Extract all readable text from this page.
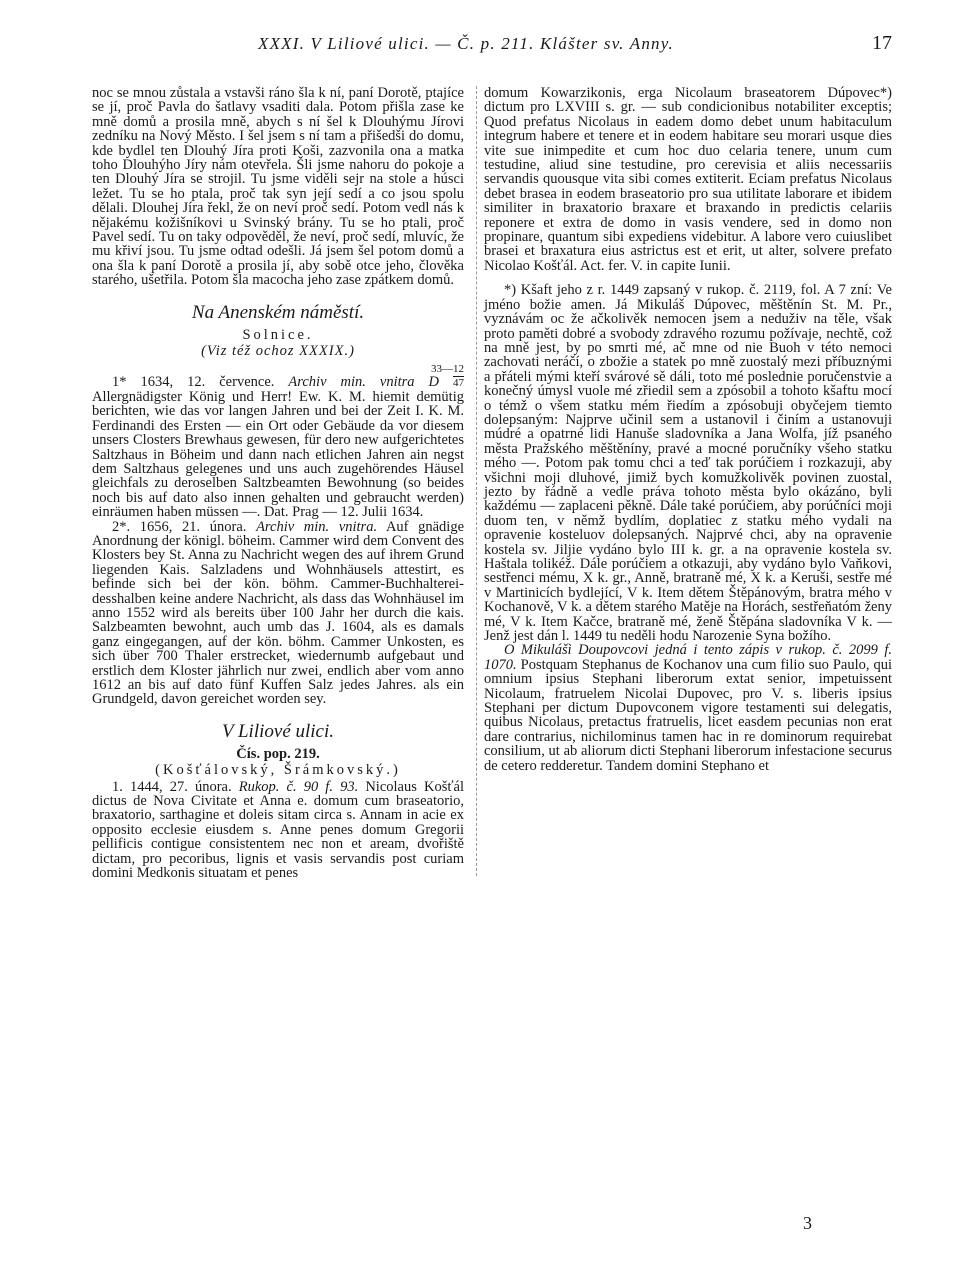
XXXI. V Liliové ulici. — Č. p. 211. Klášter sv. Anny.	17

noc se mnou zůstala a vstavši ráno šla k ní, paní Dorotě, ptajíce se jí, proč Pavla do šatlavy vsaditi dala. Potom přišla zase ke mně domů a prosila mně, abych s ní šel k Dlouhýmu Jírovi zedníku na Nový Město. I šel jsem s ní tam a přišedši do domu, kde bydlel ten Dlouhý Jíra proti Koši, zazvonila ona a matka toho Dlouhýho Jíry nám otevřela. Šli jsme nahoru do pokoje a ten Dlouhý Jíra se strojil. Tu jsme viděli sejr na stole a húsci ležet. Tu se ho ptala, proč tak syn její sedí a co jsou spolu dělali. Dlouhej Jíra řekl, že on neví proč sedí. Potom vedl nás k nějakému kožišníkovi u Svinský brány. Tu se ho ptali, proč Pavel sedí. Tu on taky odpověděl, že neví, proč sedí, mluvíc, že mu křiví jsou. Tu jsme odtad odešli. Já jsem šel potom domů a ona šla k paní Dorotě a prosila jí, aby sobě otce jeho, člověka starého, ušetřila. Potom šla macocha jeho zase zpátkem domů.

Na Anenském náměstí.
Solnice.
(Viz též ochoz XXXIX.)
33—12

1* 1634, 12. července. Archiv min. vnitra D 47 Allergnädigster König und Herr! Ew. K. M. hiemit demütig berichten, wie das vor langen Jahren und bei der Zeit I. K. M. Ferdinandi des Ersten — ein Ort oder Gebäude da vor diesem unsers Closters Brewhaus gewesen, für dero new aufgerichtetes Saltzhaus in Böheim und dann nach etlichen Jahren ain negst dem Saltzhaus gelegenes und uns auch zugehörendes Häusel gleichfals zu deroselben Saltzbeamten Bewohnung (so beides noch bis auf dato also innen gehalten und gebraucht werden) einräumen haben müssen —. Dat. Prag — 12. Julii 1634.

2*. 1656, 21. února. Archiv min. vnitra. Auf gnädige Anordnung der königl. böheim. Cammer wird dem Convent des Klosters bey St. Anna zu Nachricht wegen des auf ihrem Grund liegenden Kais. Salzladens und Wohnhäusels attestirt, es befinde sich bei der kön. böhm. Cammer-Buchhalterei-desshalben keine andere Nachricht, als dass das Wohnhäusel im anno 1552 wird als bereits über 100 Jahr her durch die kais. Salzbeamten bewohnt, auch umb das J. 1604, als es damals ganz eingegangen, auf der kön. böhm. Cammer Unkosten, es sich über 700 Thaler erstrecket, wiedernumb aufgebaut und erstlich dem Kloster jährlich nur zwei, endlich aber vom anno 1612 an bis auf dato fünf Kuffen Salz jedes Jahres. als ein Grundgeld, davon gereichet worden sey.

V Liliové ulici.
Čís. pop. 219.
(Košťálovský, Šrámkovský.)

1. 1444, 27. února. Rukop. č. 90 f. 93. Nicolaus Košťál dictus de Nova Civitate et Anna e. domum cum braseatorio, braxatorio, sarthagine et doleis sitam circa s. Annam in acie ex opposito ecclesie eiusdem s. Anne penes domum Gregorii pellificis contigue consistentem nec non et aream, dvořiště dictam, pro pecoribus, lignis et vasis servandis post curiam domini Medkonis situatam et penes

domum Kowarzikonis, erga Nicolaum braseatorem Dúpovec*) dictum pro LXVIII s. gr. — sub condicionibus notabiliter exceptis; Quod prefatus Nicolaus in eadem domo debet unum habitaculum integrum habere et tenere et in eodem habitare seu morari usque dies vite sue inimpedite et cum hoc duo celaria tenere, unum cum testudine, aliud sine testudine, pro cerevisia et aliis necessariis servandis quousque vita sibi comes extiterit. Eciam prefatus Nicolaus debet brasea in eodem braseatorio pro sua utilitate laborare et ibidem similiter in braxatorio braxare et braxando in predictis celariis reponere et extra de domo in vasis vendere, sed in domo non propinare, quantum sibi expediens videbitur. A labore vero cuiuslibet brasei et braxatura eius astrictus est et erit, ut alter, solvere prefato Nicolao Košťál. Act. fer. V. in capite Iunii.

*) Kšaft jeho z r. 1449 zapsaný v rukop. č. 2119, fol. A 7 zní: Ve jméno božie amen. Já Mikuláš Dúpovec, měštěnín St. M. Pr., vyznávám oc že ačkolivěk nemocen jsem a neduživ na těle, však proto paměti dobré a svobody zdravého rozumu požívaje, nechtě, což na mně jest, by po smrti mé, ač mne od nie Buoh v této nemoci zachovati neráčí, o zbožie a statek po mně zuostalý mezi příbuznými a přáteli mými kteří svárové sě dáli, toto mé poslednie poručenstvie a konečný úmysl vuole mé zřiedil sem a zpósobil a tohoto kšaftu mocí o témž o všem statku mém řiedím a zpósobuji obyčejem tiemto dolepsaným: Najprve učinil sem a ustanovil i činím a ustanovuji múdré a opatrné lidi Hanuše sladovníka a Jana Wolfa, jíž psaného města Pražského měštěníny, pravé a mocné poručníky všeho statku mého —. Potom pak tomu chci a teď tak porúčiem i rozkazuji, aby všichni moji dluhové, jimiž bych komužkolivěk povinen zuostal, jezto by řádně a vedle práva tohoto města bylo okázáno, byli každému — zaplaceni pěkně. Dále také porúčiem, aby porúčníci moji duom ten, v němž bydlím, doplatiec z statku mého vydali na opravenie kosteluov dolepsaných. Najprvé chci, aby na opravenie kostela sv. Jiljie vydáno bylo III k. gr. a na opravenie kostela sv. Haštala tolikéž. Dále porúčiem a otkazuji, aby vydáno bylo Vaňkovi, sestřenci mému, X k. gr., Anně, bratraně mé, X k. a Keruši, sestře mé v Martinicích bydlející, V k. Item dětem Štěpánovým, bratra mého v Kochanově, V k. a dětem starého Matěje na Horách, sestřeňatóm ženy mé, V k. Item Kačce, bratraně mé, ženě Štěpána sladovníka V k. — Jenž jest dán l. 1449 tu neděli hodu Narozenie Syna božího.

O Mikulášì Doupovcovi jedná i tento zápis v rukop. č. 2099 f. 1070. Postquam Stephanus de Kochanov una cum filio suo Paulo, qui omnium ipsius Stephani liberorum extat senior, impetuissent Nicolaum, fratruelem Nicolai Dupovec, pro V. s. liberis ipsius Stephani per dictum Dupovconem vigore testamenti sui delegatis, quibus Nicolaus, pretactus fratruelis, licet easdem pecunias non erat dare contrarius, nichilominus tamen hac in re dominorum requirebat consilium, ut ab aliorum dicti Stephani liberorum infestacione securus de cetero redderetur. Tandem domini Stephano et

3
